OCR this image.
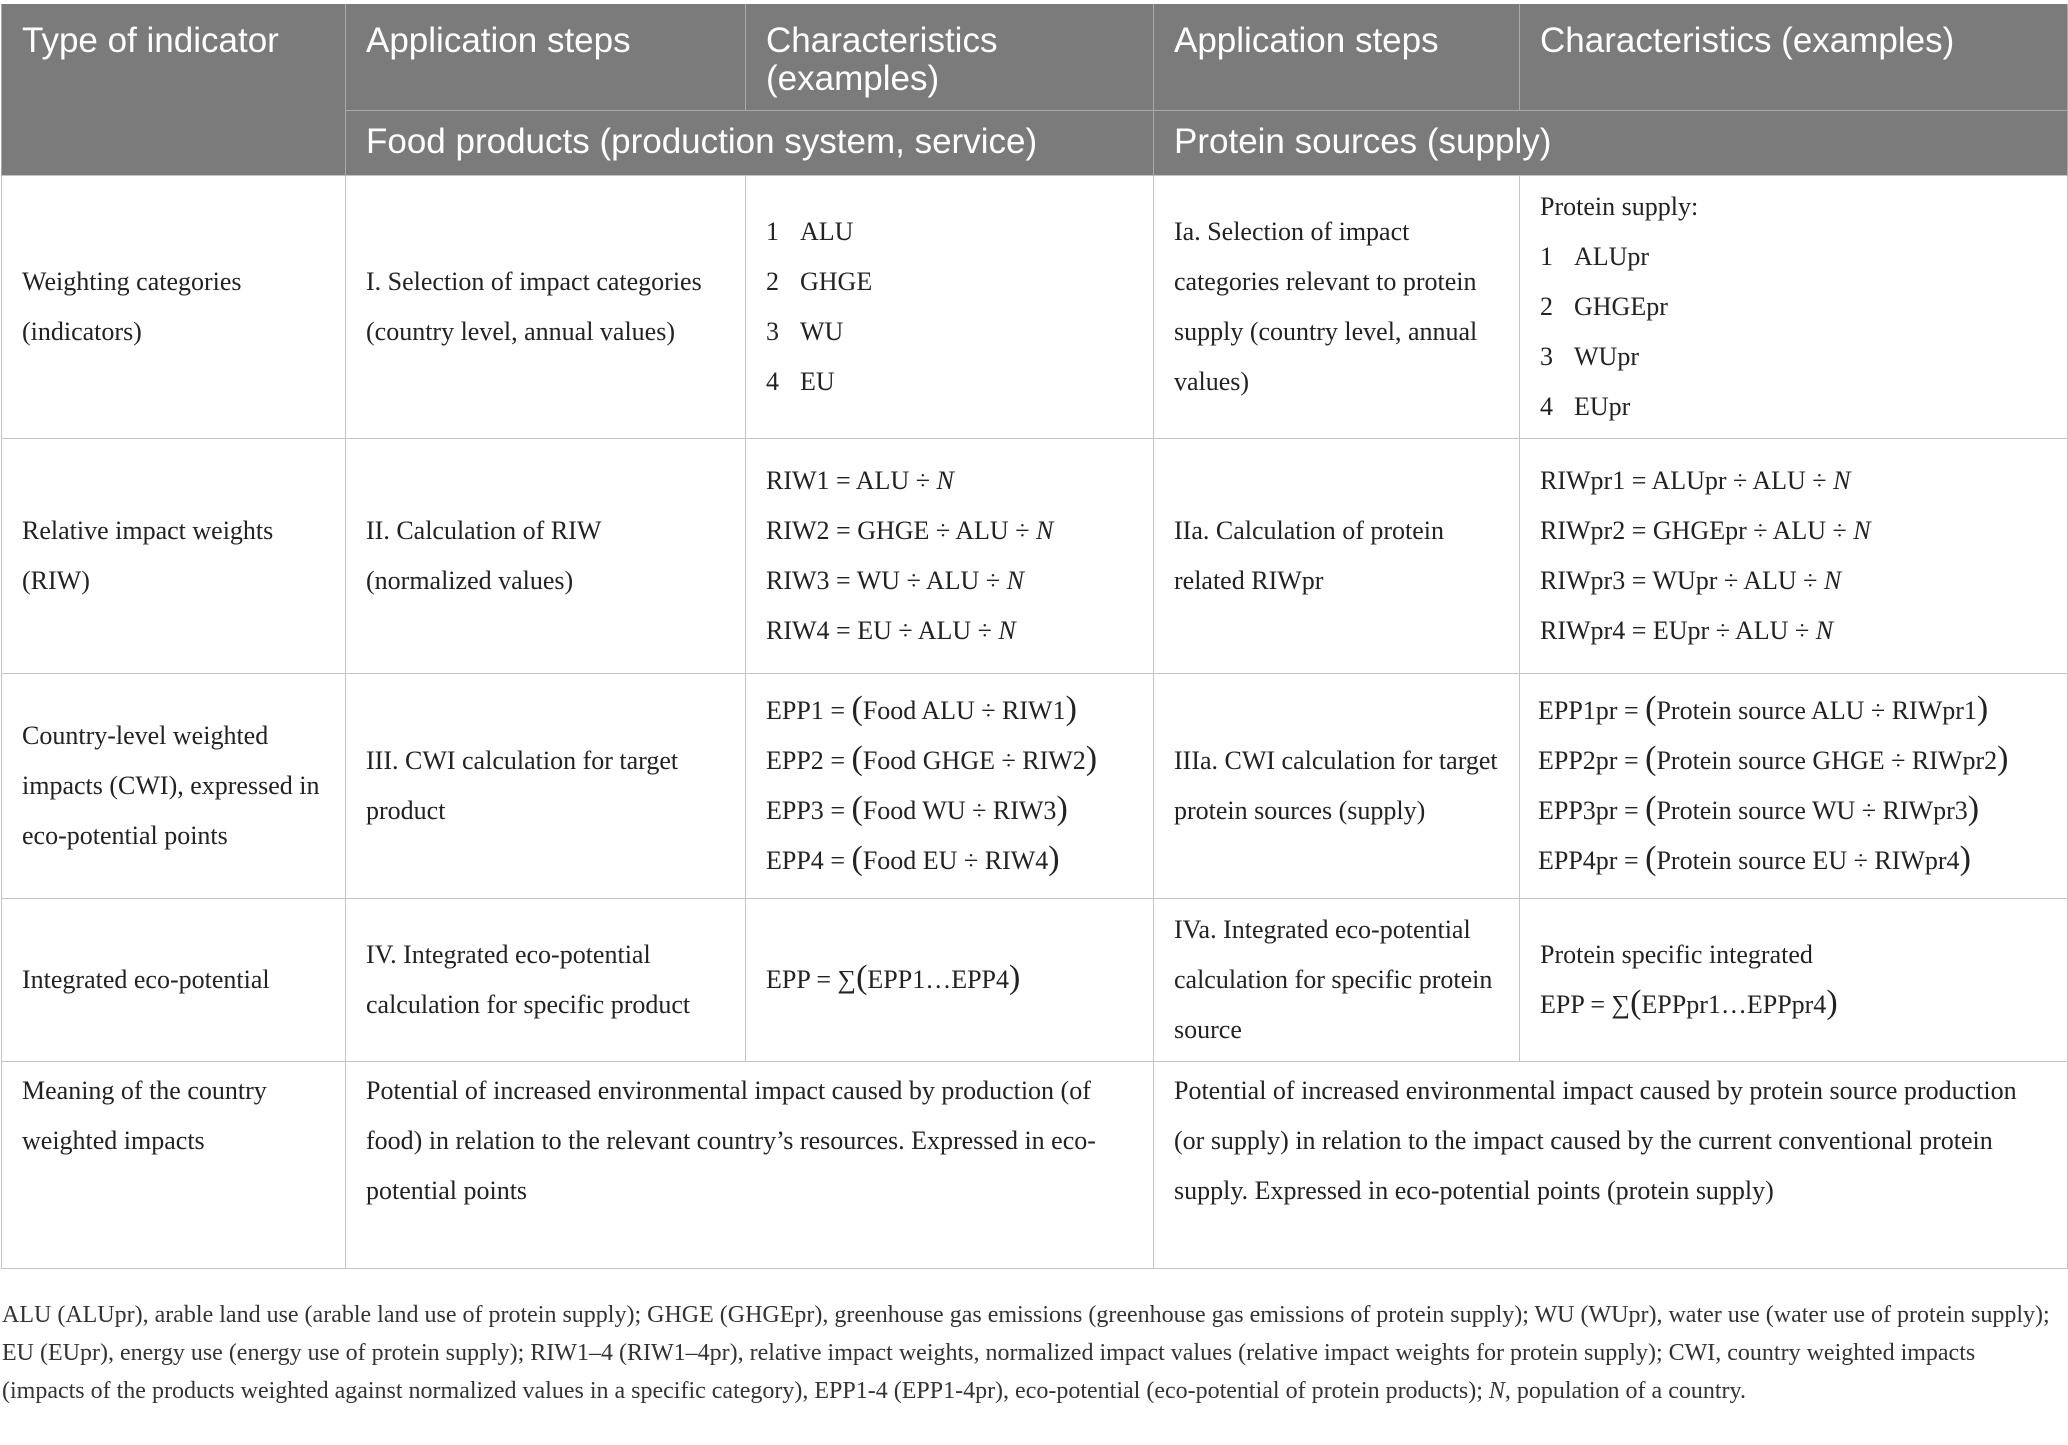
Type of indicator	Application steps	Characteristics (examples)	Application steps	Characteristics (examples)
	Food products (production system, service)		Protein sources (supply)	
Weighting categories (indicators)	I. Selection of impact categories (country level, annual values)	1 ALU
2 GHGE
3 WU
4 EU	Ia. Selection of impact categories relevant to protein supply (country level, annual values)	Protein supply:
1 ALUpr
2 GHGEpr
3 WUpr
4 EUpr

Relative impact weights (RIW)	II. Calculation of RIW (normalized values)	RIW1 = ALU ÷ N
RIW2 = GHGE ÷ ALU ÷ N
RIW3 = WU ÷ ALU ÷ N
RIW4 = EU ÷ ALU ÷ N	IIa. Calculation of protein related RIWpr	RIWpr1 = ALUpr ÷ ALU ÷ N
RIWpr2 = GHGEpr ÷ ALU ÷ N
RIWpr3 = WUpr ÷ ALU ÷ N
RIWpr4 = EUpr ÷ ALU ÷ N

Country-level weighted impacts (CWI), expressed in eco-potential points	III. CWI calculation for target product	EPP1 = (Food ALU ÷ RIW1)
EPP2 = (Food GHGE ÷ RIW2)
EPP3 = (Food WU ÷ RIW3)
EPP4 = (Food EU ÷ RIW4)	IIIa. CWI calculation for target protein sources (supply)	EPP1pr = (Protein source ALU ÷ RIWpr1)
EPP2pr = (Protein source GHGE ÷ RIWpr2)
EPP3pr = (Protein source WU ÷ RIWpr3)
EPP4pr = (Protein source EU ÷ RIWpr4)

Integrated eco-potential	IV. Integrated eco-potential calculation for specific product	EPP = ∑(EPP1…EPP4)	IVa. Integrated eco-potential calculation for specific protein source	Protein specific integrated
EPP = ∑(EPPpr1…EPPpr4)

Meaning of the country weighted impacts	Potential of increased environmental impact caused by production (of food) in relation to the relevant country’s resources. Expressed in eco-potential points		Potential of increased environmental impact caused by protein source production (or supply) in relation to the impact caused by the current conventional protein supply. Expressed in eco-potential points (protein supply)	
ALU (ALUpr), arable land use (arable land use of protein supply); GHGE (GHGEpr), greenhouse gas emissions (greenhouse gas emissions of protein supply); WU (WUpr), water use (water use of protein supply); EU (EUpr), energy use (energy use of protein supply); RIW1–4 (RIW1–4pr), relative impact weights, normalized impact values (relative impact weights for protein supply); CWI, country weighted impacts (impacts of the products weighted against normalized values in a specific category), EPP1-4 (EPP1-4pr), eco-potential (eco-potential of protein products); N, population of a country.
